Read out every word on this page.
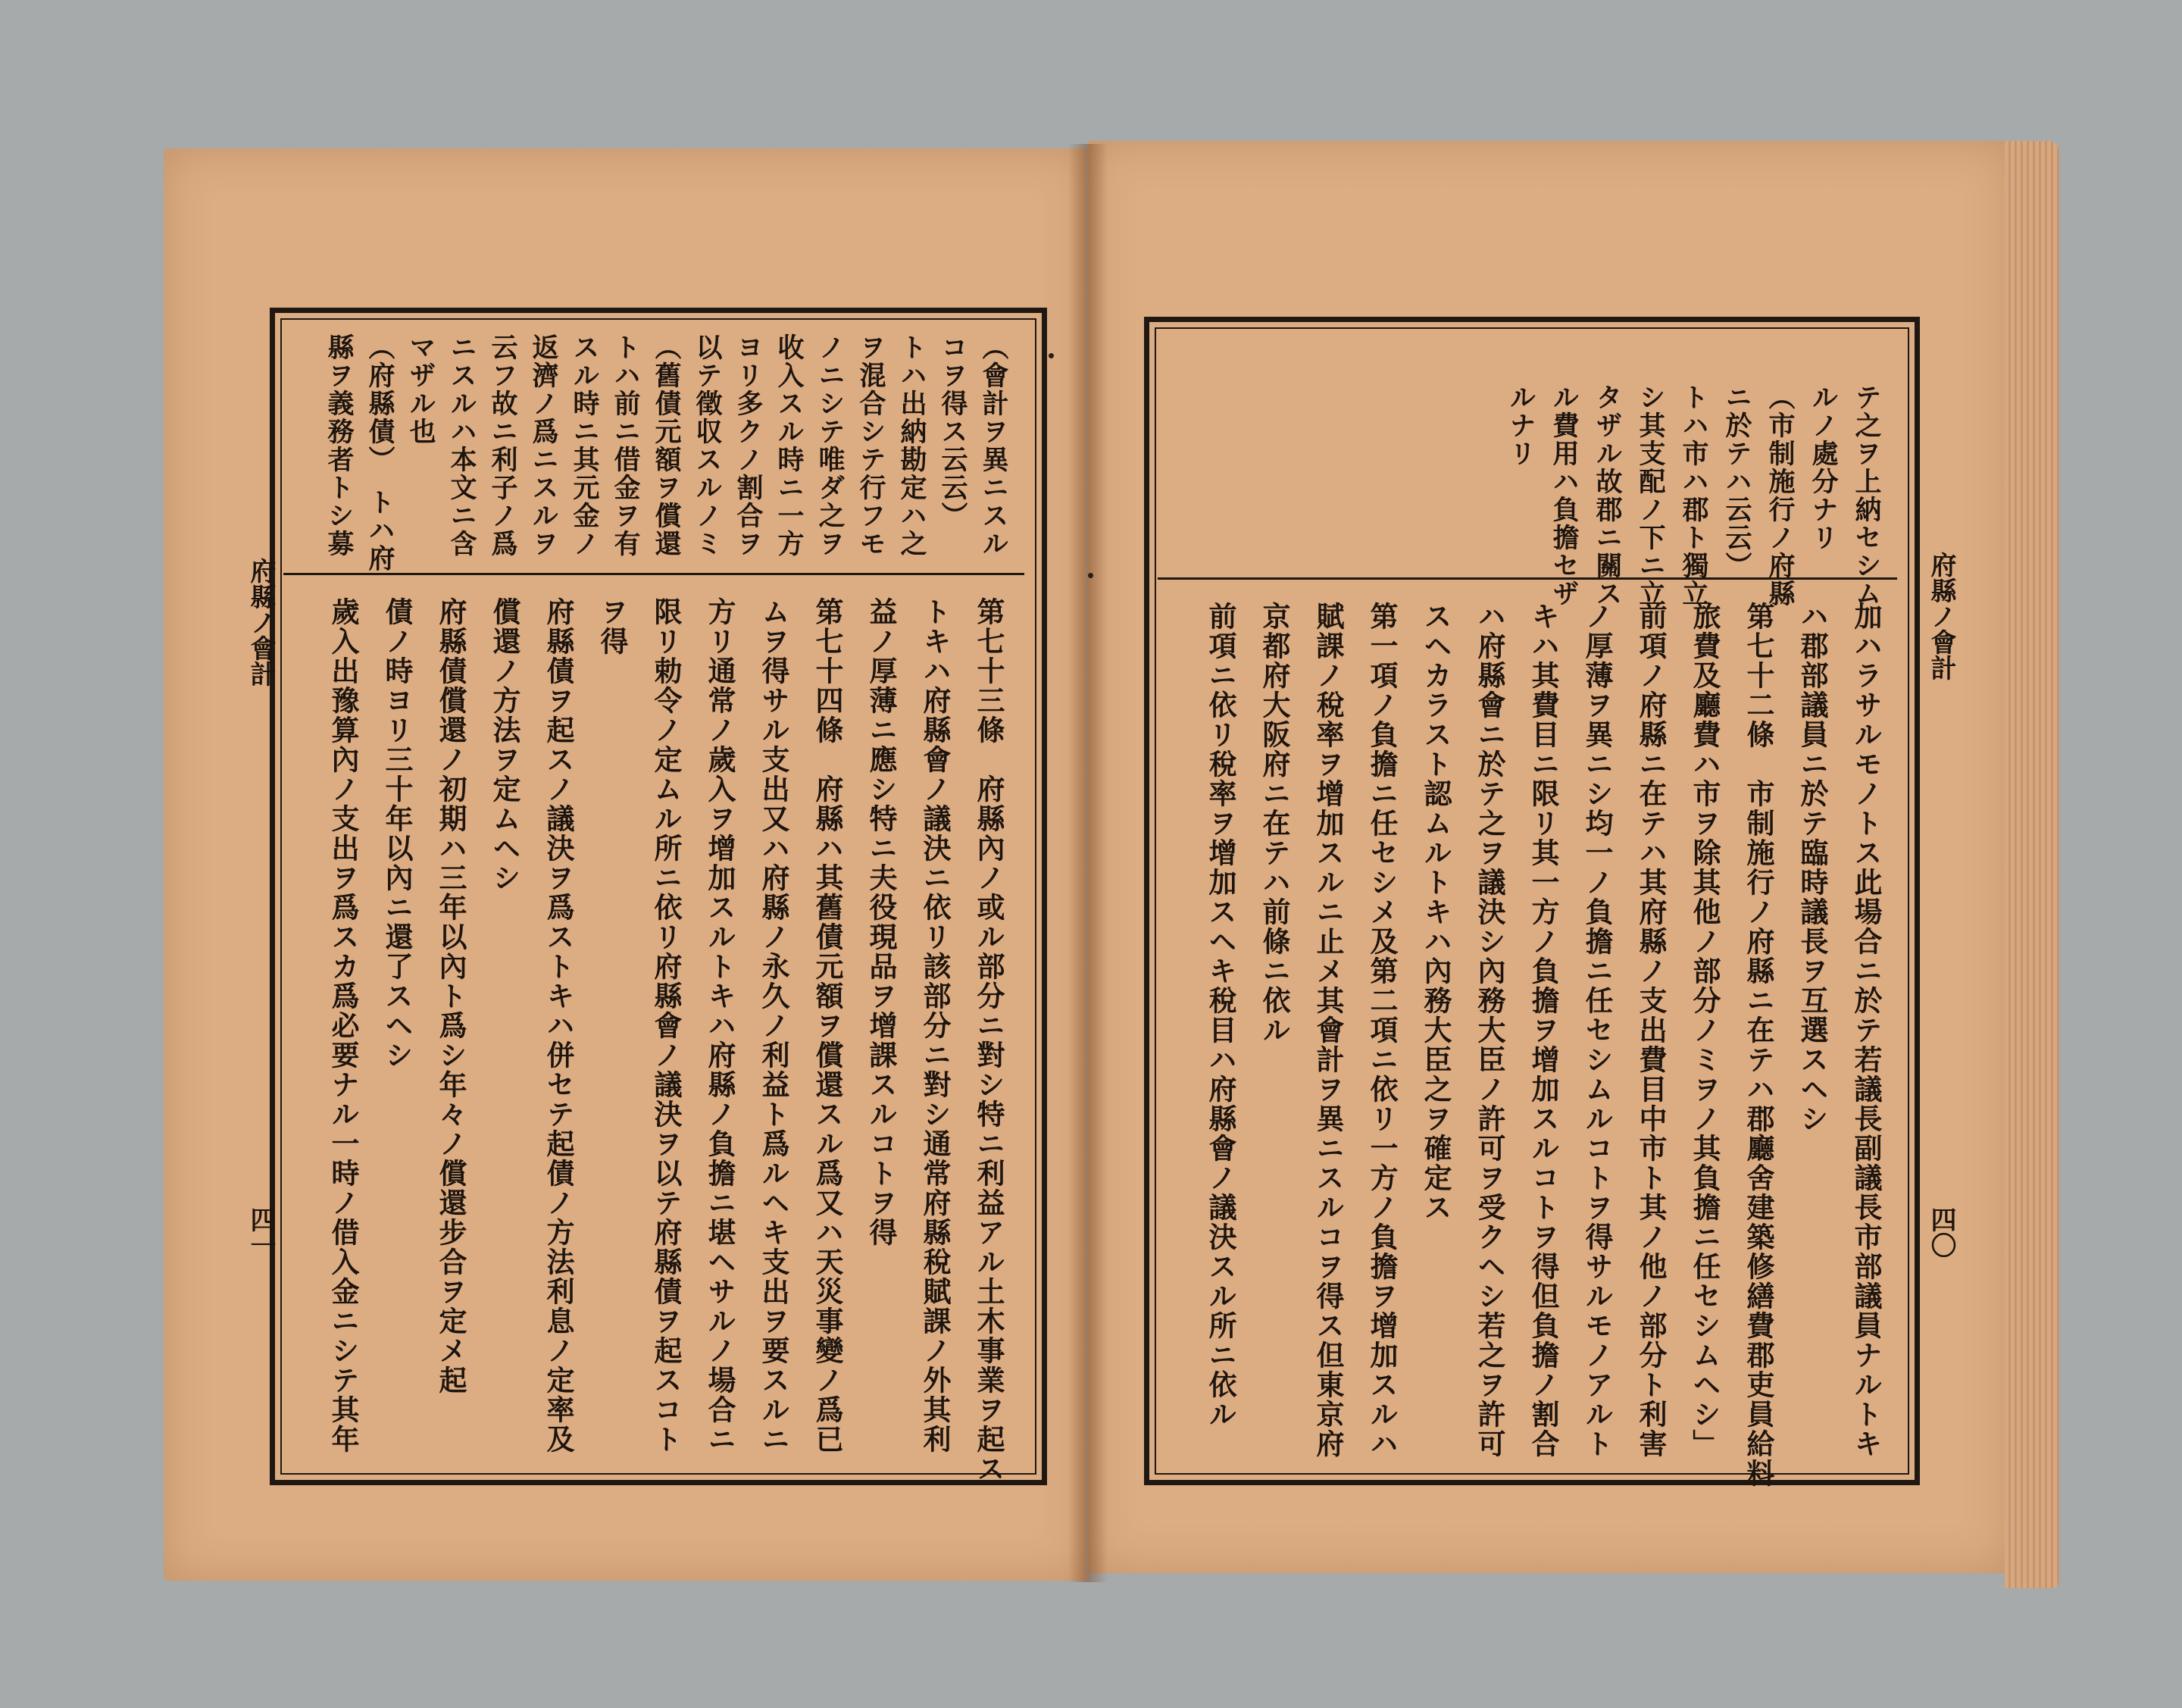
府縣ノ會計
四一
府縣ノ會計
四〇
（會計ヲ異ニスル
コヲ得ス云云）
トハ出納勘定ハ之
ヲ混合シテ行フモ
ノニシテ唯ダ之ヲ
收入スル時ニ一方
ヨリ多クノ割合ヲ
以テ徵収スルノミ
（舊債元額ヲ償還
トハ前ニ借金ヲ有
スル時ニ其元金ノ
返濟ノ爲ニスルヲ
云フ故ニ利子ノ爲
ニスルハ本文ニ含
マザル也
（府縣債）　トハ府
縣ヲ義務者トシ募
第七十三條　府縣內ノ或ル部分ニ對シ特ニ利益アル土木事業ヲ起ス
トキハ府縣會ノ議決ニ依リ該部分ニ對シ通常府縣稅賦課ノ外其利
益ノ厚薄ニ應シ特ニ夫役現品ヲ增課スルコトヲ得
第七十四條　府縣ハ其舊債元額ヲ償還スル爲又ハ天災事變ノ爲已
ムヲ得サル支出又ハ府縣ノ永久ノ利益ト爲ルヘキ支出ヲ要スルニ
方リ通常ノ歲入ヲ增加スルトキハ府縣ノ負擔ニ堪ヘサルノ場合ニ
限リ勅令ノ定ムル所ニ依リ府縣會ノ議決ヲ以テ府縣債ヲ起スコト
ヲ得
府縣債ヲ起スノ議決ヲ爲ストキハ併セテ起債ノ方法利息ノ定率及
償還ノ方法ヲ定ムヘシ
府縣債償還ノ初期ハ三年以內ト爲シ年々ノ償還步合ヲ定メ起
債ノ時ヨリ三十年以內ニ還了スヘシ
歲入出豫算內ノ支出ヲ爲スカ爲必要ナル一時ノ借入金ニシテ其年
テ之ヲ上納セシム
ルノ處分ナリ
（市制施行ノ府縣
ニ於テハ云云）
トハ市ハ郡ト獨立
シ其支配ノ下ニ立
タザル故郡ニ關ス
ル費用ハ負擔セザ
ルナリ
加ハラサルモノトス此場合ニ於テ若議長副議長市部議員ナルトキ
ハ郡部議員ニ於テ臨時議長ヲ互選スヘシ
第七十二條　市制施行ノ府縣ニ在テハ郡廳舍建築修繕費郡吏員給料
旅費及廳費ハ市ヲ除其他ノ部分ノミヲノ其負擔ニ任セシムヘシ」
前項ノ府縣ニ在テハ其府縣ノ支出費目中市ト其ノ他ノ部分ト利害
ノ厚薄ヲ異ニシ均一ノ負擔ニ任セシムルコトヲ得サルモノアルト
キハ其費目ニ限リ其一方ノ負擔ヲ增加スルコトヲ得但負擔ノ割合
ハ府縣會ニ於テ之ヲ議決シ內務大臣ノ許可ヲ受クヘシ若之ヲ許可
スヘカラスト認ムルトキハ內務大臣之ヲ確定ス
第一項ノ負擔ニ任セシメ及第二項ニ依リ一方ノ負擔ヲ增加スルハ
賦課ノ稅率ヲ增加スルニ止メ其會計ヲ異ニスルコヲ得ス但東京府
京都府大阪府ニ在テハ前條ニ依ル
前項ニ依リ稅率ヲ增加スヘキ稅目ハ府縣會ノ議決スル所ニ依ル
